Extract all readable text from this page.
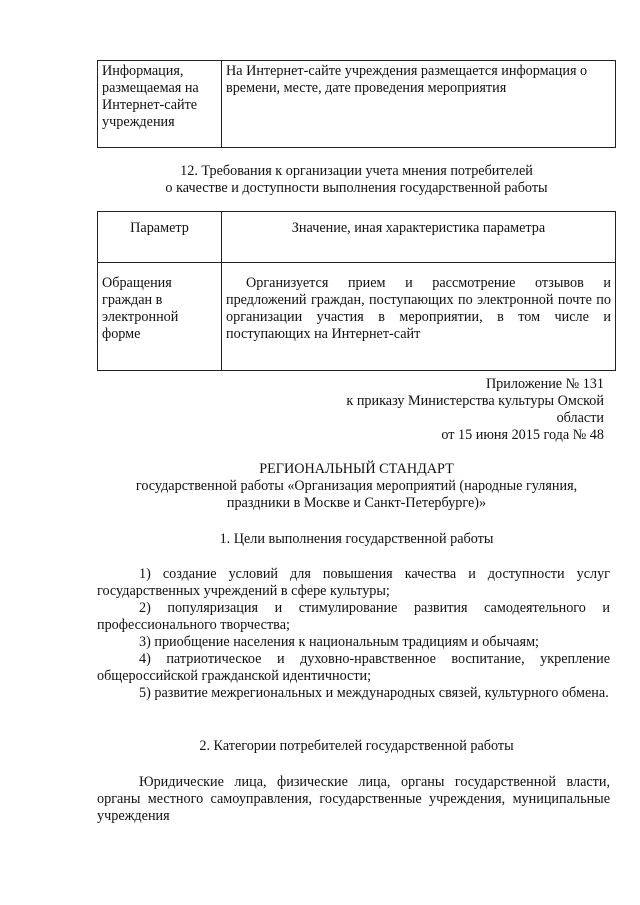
Информация, размещаемая на Интернет-сайте учреждения	На Интернет-сайте учреждения размещается информация о времени, месте, дате проведения мероприятия
12. Требования к организации учета мнения потребителей
о качестве и доступности выполнения государственной работы
Параметр	Значение, иная характеристика параметра
Обращения граждан в электронной форме	Организуется прием и рассмотрение отзывов и предложений граждан, поступающих по электронной почте по организации участия в мероприятии, в том числе и поступающих на Интернет-сайт
Приложение № 131
к приказу Министерства культуры Омской области
от 15 июня 2015 года № 48
РЕГИОНАЛЬНЫЙ СТАНДАРТ
государственной работы «Организация мероприятий (народные гуляния,
праздники в Москве и Санкт-Петербурге)»
1. Цели выполнения государственной работы

1) создание условий для повышения качества и доступности услуг государственных учреждений в сфере культуры;

2) популяризация и стимулирование развития самодеятельного и профессионального творчества;

3) приобщение населения к национальным традициям и обычаям;

4) патриотическое и духовно-нравственное воспитание, укрепление общероссийской гражданской идентичности;

5) развитие межрегиональных и международных связей, культурного обмена.

2. Категории потребителей государственной работы

Юридические лица, физические лица, органы государственной власти, органы местного самоуправления, государственные учреждения, муниципальные учреждения
